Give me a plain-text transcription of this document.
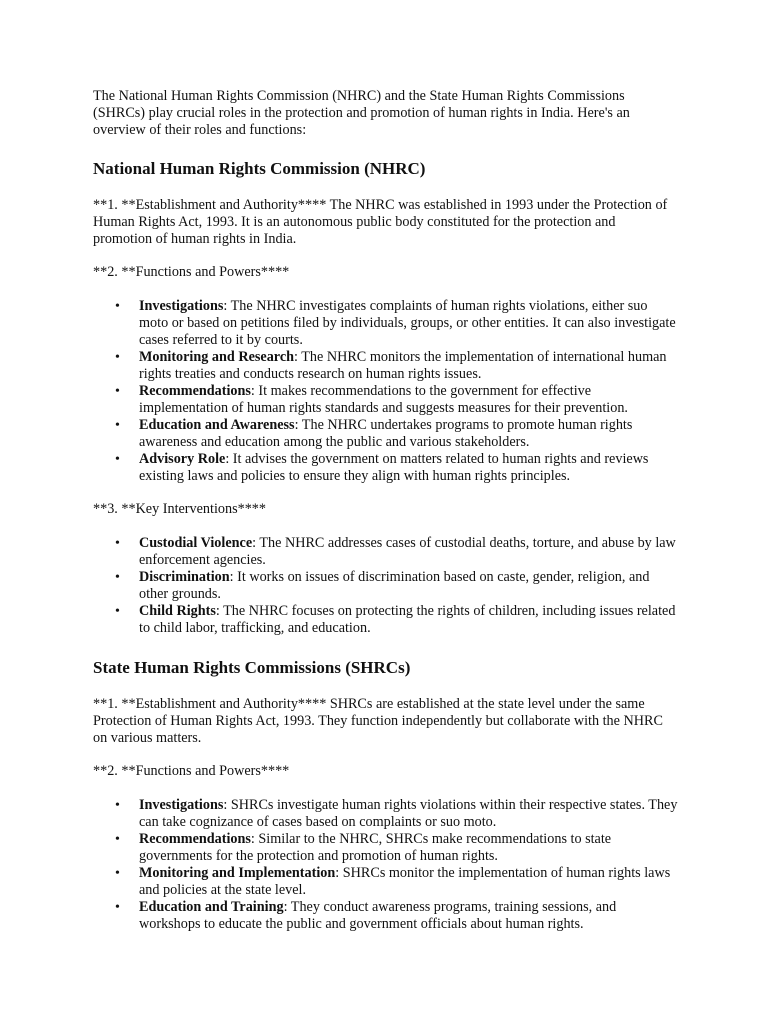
The National Human Rights Commission (NHRC) and the State Human Rights Commissions (SHRCs) play crucial roles in the protection and promotion of human rights in India. Here's an overview of their roles and functions:

National Human Rights Commission (NHRC)

**1. **Establishment and Authority**** The NHRC was established in 1993 under the Protection of Human Rights Act, 1993. It is an autonomous public body constituted for the protection and promotion of human rights in India.

**2. **Functions and Powers****

• Investigations: The NHRC investigates complaints of human rights violations, either suo moto or based on petitions filed by individuals, groups, or other entities. It can also investigate cases referred to it by courts.
• Monitoring and Research: The NHRC monitors the implementation of international human rights treaties and conducts research on human rights issues.
• Recommendations: It makes recommendations to the government for effective implementation of human rights standards and suggests measures for their prevention.
• Education and Awareness: The NHRC undertakes programs to promote human rights awareness and education among the public and various stakeholders.
• Advisory Role: It advises the government on matters related to human rights and reviews existing laws and policies to ensure they align with human rights principles.

**3. **Key Interventions****

• Custodial Violence: The NHRC addresses cases of custodial deaths, torture, and abuse by law enforcement agencies.
• Discrimination: It works on issues of discrimination based on caste, gender, religion, and other grounds.
• Child Rights: The NHRC focuses on protecting the rights of children, including issues related to child labor, trafficking, and education.
State Human Rights Commissions (SHRCs)

**1. **Establishment and Authority**** SHRCs are established at the state level under the same Protection of Human Rights Act, 1993. They function independently but collaborate with the NHRC on various matters.

**2. **Functions and Powers****

• Investigations: SHRCs investigate human rights violations within their respective states. They can take cognizance of cases based on complaints or suo moto.
• Recommendations: Similar to the NHRC, SHRCs make recommendations to state governments for the protection and promotion of human rights.
• Monitoring and Implementation: SHRCs monitor the implementation of human rights laws and policies at the state level.
• Education and Training: They conduct awareness programs, training sessions, and workshops to educate the public and government officials about human rights.
